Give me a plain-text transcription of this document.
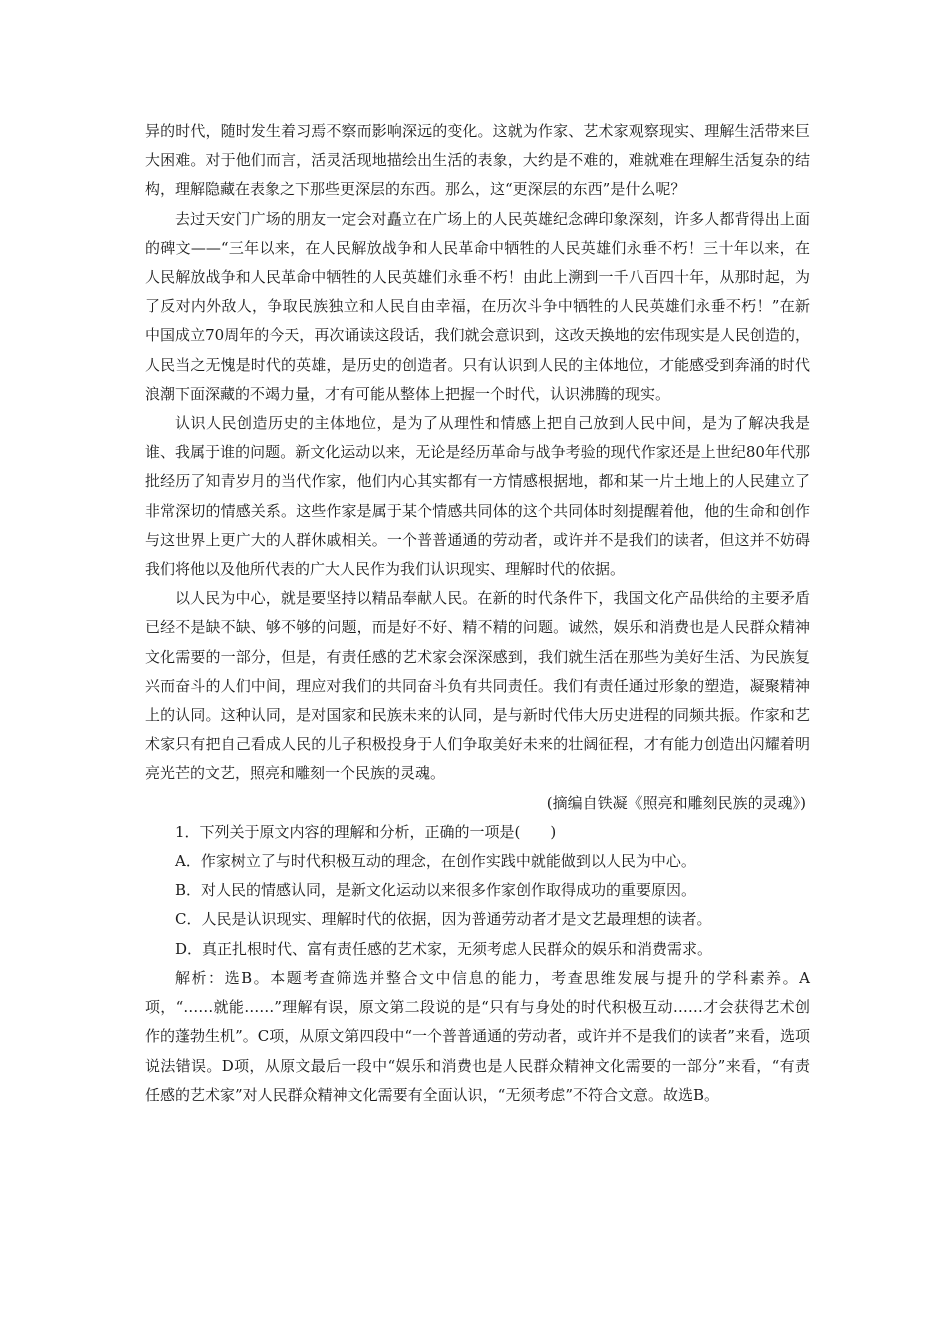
异的时代，随时发生着习焉不察而影响深远的变化。这就为作家、艺术家观察现实、理解生活带来巨大困难。对于他们而言，活灵活现地描绘出生活的表象，大约是不难的，难就难在理解生活复杂的结构，理解隐藏在表象之下那些更深层的东西。那么，这“更深层的东西”是什么呢？

去过天安门广场的朋友一定会对矗立在广场上的人民英雄纪念碑印象深刻，许多人都背得出上面的碑文——“三年以来，在人民解放战争和人民革命中牺牲的人民英雄们永垂不朽！三十年以来，在人民解放战争和人民革命中牺牲的人民英雄们永垂不朽！由此上溯到一千八百四十年，从那时起，为了反对内外敌人，争取民族独立和人民自由幸福，在历次斗争中牺牲的人民英雄们永垂不朽！”在新中国成立70周年的今天，再次诵读这段话，我们就会意识到，这改天换地的宏伟现实是人民创造的，人民当之无愧是时代的英雄，是历史的创造者。只有认识到人民的主体地位，才能感受到奔涌的时代浪潮下面深藏的不竭力量，才有可能从整体上把握一个时代，认识沸腾的现实。

认识人民创造历史的主体地位，是为了从理性和情感上把自己放到人民中间，是为了解决我是谁、我属于谁的问题。新文化运动以来，无论是经历革命与战争考验的现代作家还是上世纪80年代那批经历了知青岁月的当代作家，他们内心其实都有一方情感根据地，都和某一片土地上的人民建立了非常深切的情感关系。这些作家是属于某个情感共同体的这个共同体时刻提醒着他，他的生命和创作与这世界上更广大的人群休戚相关。一个普普通通的劳动者，或许并不是我们的读者，但这并不妨碍我们将他以及他所代表的广大人民作为我们认识现实、理解时代的依据。

以人民为中心，就是要坚持以精品奉献人民。在新的时代条件下，我国文化产品供给的主要矛盾已经不是缺不缺、够不够的问题，而是好不好、精不精的问题。诚然，娱乐和消费也是人民群众精神文化需要的一部分，但是，有责任感的艺术家会深深感到，我们就生活在那些为美好生活、为民族复兴而奋斗的人们中间，理应对我们的共同奋斗负有共同责任。我们有责任通过形象的塑造，凝聚精神上的认同。这种认同，是对国家和民族未来的认同，是与新时代伟大历史进程的同频共振。作家和艺术家只有把自己看成人民的儿子积极投身于人们争取美好未来的壮阔征程，才有能力创造出闪耀着明亮光芒的文艺，照亮和雕刻一个民族的灵魂。

(摘编自铁凝《照亮和雕刻民族的灵魂》)

1．下列关于原文内容的理解和分析，正确的一项是(　　)

A．作家树立了与时代积极互动的理念，在创作实践中就能做到以人民为中心。

B．对人民的情感认同，是新文化运动以来很多作家创作取得成功的重要原因。

C．人民是认识现实、理解时代的依据，因为普通劳动者才是文艺最理想的读者。

D．真正扎根时代、富有责任感的艺术家，无须考虑人民群众的娱乐和消费需求。

解析：选B。本题考查筛选并整合文中信息的能力，考查思维发展与提升的学科素养。A项，“……就能……”理解有误，原文第二段说的是“只有与身处的时代积极互动……才会获得艺术创作的蓬勃生机”。C项，从原文第四段中“一个普普通通的劳动者，或许并不是我们的读者”来看，选项说法错误。D项，从原文最后一段中“娱乐和消费也是人民群众精神文化需要的一部分”来看，“有责任感的艺术家”对人民群众精神文化需要有全面认识，“无须考虑”不符合文意。故选B。
